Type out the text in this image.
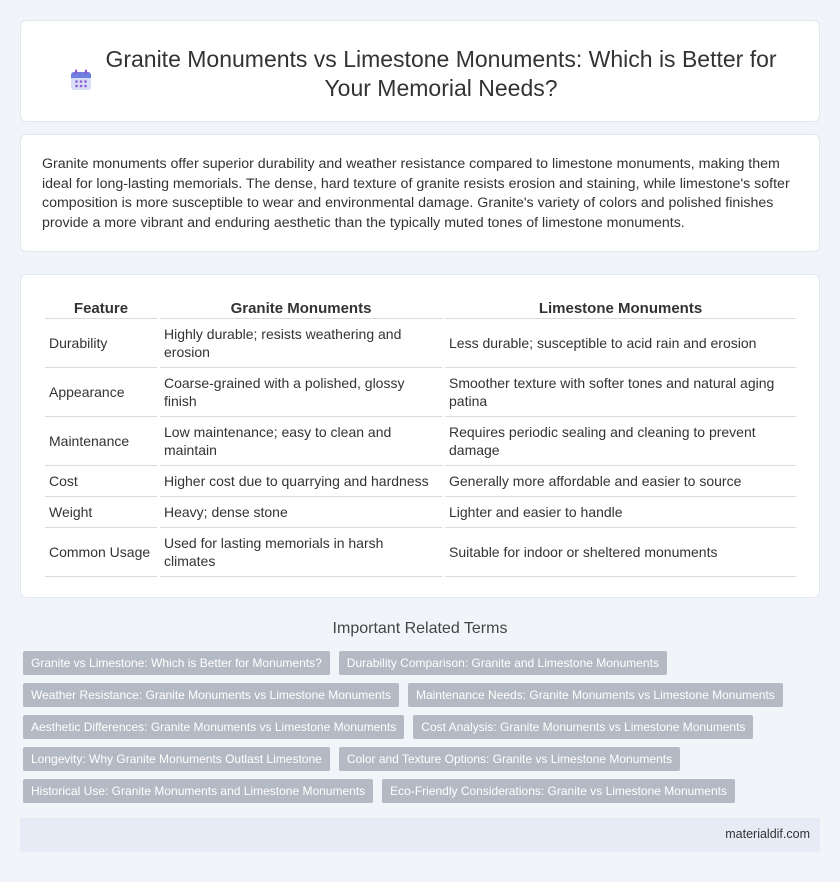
Granite Monuments vs Limestone Monuments: Which is Better for Your Memorial Needs?

Granite monuments offer superior durability and weather resistance compared to limestone monuments, making them ideal for long-lasting memorials. The dense, hard texture of granite resists erosion and staining, while limestone's softer composition is more susceptible to wear and environmental damage. Granite's variety of colors and polished finishes provide a more vibrant and enduring aesthetic than the typically muted tones of limestone monuments.

Feature	Granite Monuments	Limestone Monuments
Durability	Highly durable; resists weathering and erosion	Less durable; susceptible to acid rain and erosion
Appearance	Coarse-grained with a polished, glossy finish	Smoother texture with softer tones and natural aging patina
Maintenance	Low maintenance; easy to clean and maintain	Requires periodic sealing and cleaning to prevent damage
Cost	Higher cost due to quarrying and hardness	Generally more affordable and easier to source
Weight	Heavy; dense stone	Lighter and easier to handle
Common Usage	Used for lasting memorials in harsh climates	Suitable for indoor or sheltered monuments
Important Related Terms
Granite vs Limestone: Which is Better for Monuments?	Durability Comparison: Granite and Limestone Monuments
Weather Resistance: Granite Monuments vs Limestone Monuments	Maintenance Needs: Granite Monuments vs Limestone Monuments
Aesthetic Differences: Granite Monuments vs Limestone Monuments	Cost Analysis: Granite Monuments vs Limestone Monuments
Longevity: Why Granite Monuments Outlast Limestone	Color and Texture Options: Granite vs Limestone Monuments
Historical Use: Granite Monuments and Limestone Monuments	Eco-Friendly Considerations: Granite vs Limestone Monuments
materialdif.com
